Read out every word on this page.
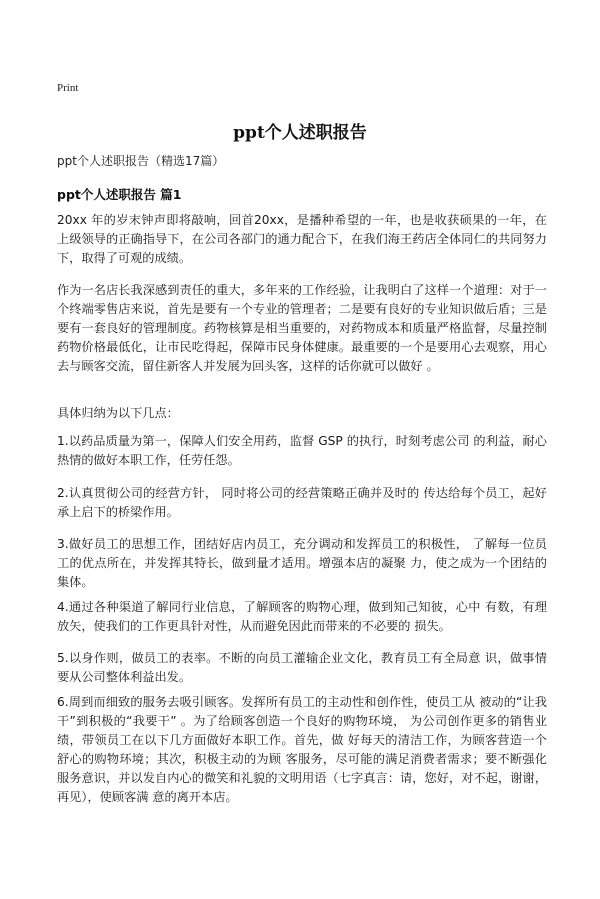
Print
ppt个人述职报告
ppt个人述职报告（精选17篇）
ppt个人述职报告 篇1

20xx 年的岁末钟声即将敲响，回首20xx，是播种希望的一年，也是收获硕果的一年，在上级领导的正确指导下，在公司各部门的通力配合下，在我们海王药店全体同仁的共同努力下，取得了可观的成绩。

作为一名店长我深感到责任的重大，多年来的工作经验，让我明白了这样一个道理：对于一个终端零售店来说，首先是要有一个专业的管理者；二是要有良好的专业知识做后盾；三是要有一套良好的管理制度。药物核算是相当重要的，对药物成本和质量严格监督，尽量控制药物价格最低化，让市民吃得起，保障市民身体健康。最重要的一个是要用心去观察，用心去与顾客交流，留住新客人并发展为回头客，这样的话你就可以做好 。

具体归纳为以下几点：

1.以药品质量为第一，保障人们安全用药，监督 GSP 的执行，时刻考虑公司 的利益，耐心热情的做好本职工作，任劳任怨。

2.认真贯彻公司的经营方针， 同时将公司的经营策略正确并及时的 传达给每个员工，起好承上启下的桥梁作用。

3.做好员工的思想工作，团结好店内员工，充分调动和发挥员工的积极性， 了解每一位员工的优点所在，并发挥其特长，做到量才适用。增强本店的凝聚 力，使之成为一个团结的集体。

4.通过各种渠道了解同行业信息，了解顾客的购物心理，做到知己知彼，心中 有数，有理放矢，使我们的工作更具针对性，从而避免因此而带来的不必要的 损失。

5.以身作则，做员工的表率。不断的向员工灌输企业文化，教育员工有全局意 识，做事情要从公司整体利益出发。

6.周到而细致的服务去吸引顾客。发挥所有员工的主动性和创作性，使员工从 被动的“让我干”到积极的“我要干” 。为了给顾客创造一个良好的购物环境， 为公司创作更多的销售业绩，带领员工在以下几方面做好本职工作。首先，做 好每天的清洁工作，为顾客营造一个舒心的购物环境；其次，积极主动的为顾 客服务，尽可能的满足消费者需求；要不断强化服务意识，并以发自内心的微笑和礼貌的文明用语（七字真言：请，您好，对不起，谢谢，再见），使顾客满 意的离开本店。
